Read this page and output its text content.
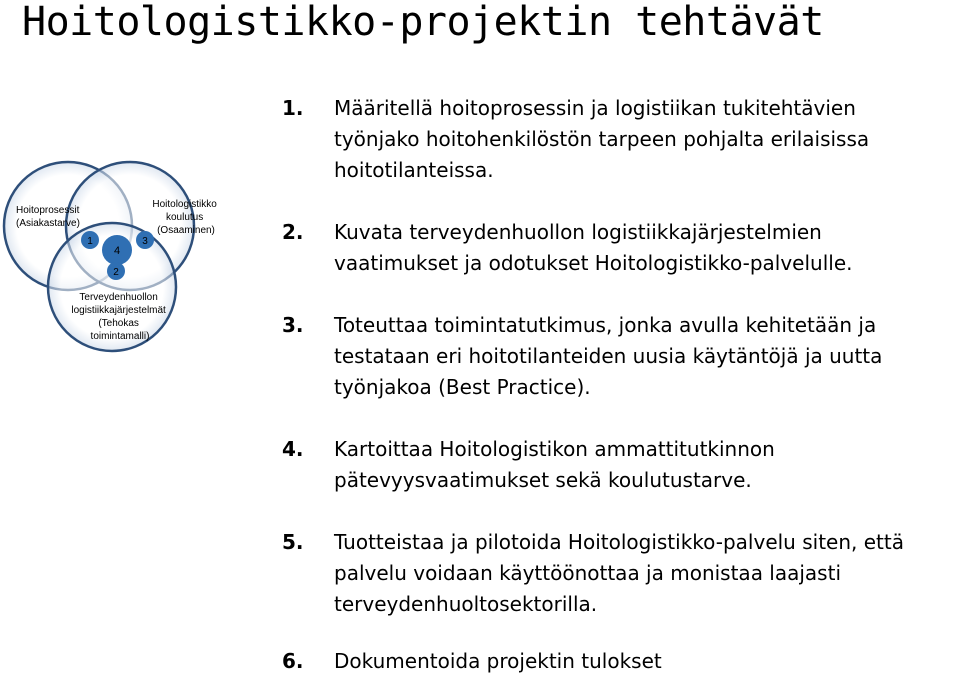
Hoitologistikko-projektin tehtävät
Hoitoprosessit (Asiakastarve)
Hoitologistikko koulutus (Osaaminen)
Terveydenhuollon logistiikkajärjestelmät (Tehokas toimintamalli)
1	3
4
2
1.	Määritellä hoitoprosessin ja logistiikan tukitehtävien
työnjako hoitohenkilöstön tarpeen pohjalta erilaisissa
hoitotilanteissa.
2.	Kuvata terveydenhuollon logistiikkajärjestelmien
vaatimukset ja odotukset Hoitologistikko-palvelulle.
3.	Toteuttaa toimintatutkimus, jonka avulla kehitetään ja
testataan eri hoitotilanteiden uusia käytäntöjä ja uutta
työnjakoa (Best Practice).
4.	Kartoittaa Hoitologistikon ammattitutkinnon
pätevyysvaatimukset sekä koulutustarve.
5.	Tuotteistaa ja pilotoida Hoitologistikko-palvelu siten, että
palvelu voidaan käyttöönottaa ja monistaa laajasti
terveydenhuoltosektorilla.
6.	Dokumentoida projektin tulokset
